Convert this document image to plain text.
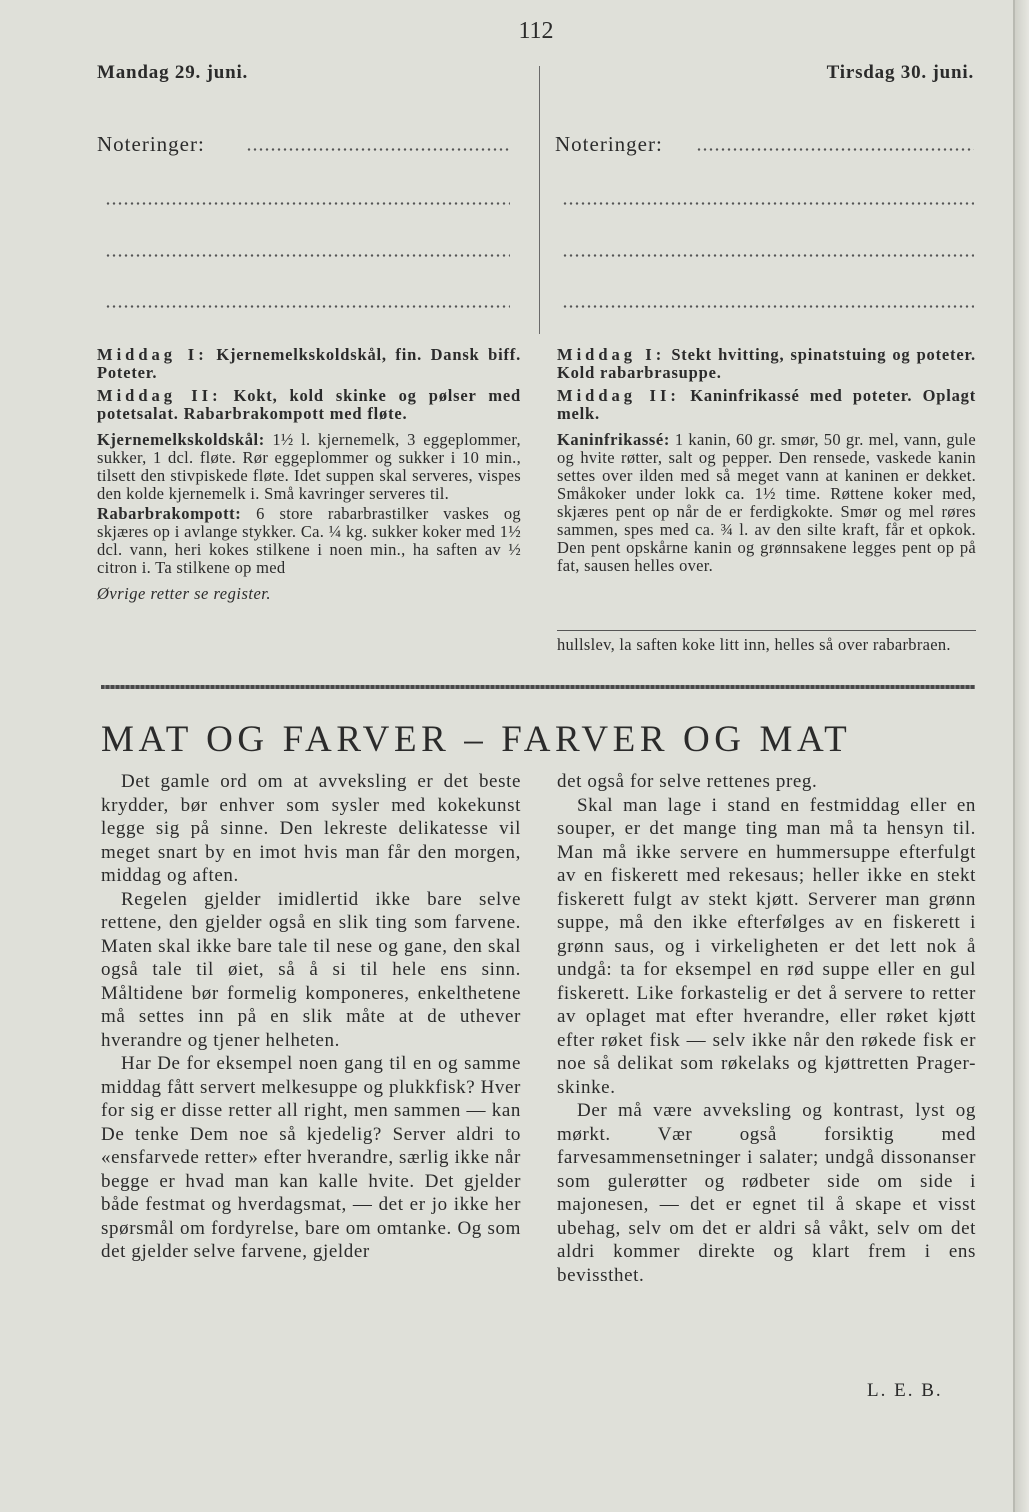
112
Mandag 29. juni.	Tirsdag 30. juni.
Noteringer:	Noteringer:

Middag I: Kjernemelkskoldskål, fin. Dansk biff. Poteter.

Middag II: Kokt, kold skinke og pølser med potetsalat. Rabarbrakompott med fløte.

Kjernemelkskoldskål: 1½ l. kjernemelk, 3 eggeplommer, sukker, 1 dcl. fløte. Rør eggeplommer og sukker i 10 min., tilsett den stivpiskede fløte. Idet suppen skal serveres, vispes den kolde kjernemelk i. Små kavringer serveres til.

Rabarbrakompott: 6 store rabarbrastilker vaskes og skjæres op i avlange stykker. Ca. ¼ kg. sukker koker med 1½ dcl. vann, heri kokes stilkene i noen min., ha saften av ½ citron i. Ta stilkene op med

Øvrige retter se register.

Middag I: Stekt hvitting, spinatstuing og poteter. Kold rabarbrasuppe.

Middag II: Kaninfrikassé med poteter. Oplagt melk.

Kaninfrikassé: 1 kanin, 60 gr. smør, 50 gr. mel, vann, gule og hvite røtter, salt og pepper. Den rensede, vaskede kanin settes over ilden med så meget vann at kaninen er dekket. Småkoker under lokk ca. 1½ time. Røttene koker med, skjæres pent op når de er ferdigkokte. Smør og mel røres sammen, spes med ca. ¾ l. av den silte kraft, får et opkok. Den pent opskårne kanin og grønnsakene legges pent op på fat, sausen helles over.

hullslev, la saften koke litt inn, helles så over rabarbraen.

MAT OG FARVER – FARVER OG MAT

Det gamle ord om at avveksling er det beste krydder, bør enhver som sysler med kokekunst legge sig på sinne. Den lekreste delikatesse vil meget snart by en imot hvis man får den morgen, middag og aften.

Regelen gjelder imidlertid ikke bare selve rettene, den gjelder også en slik ting som farvene. Maten skal ikke bare tale til nese og gane, den skal også tale til øiet, så å si til hele ens sinn. Måltidene bør formelig komponeres, enkelthetene må settes inn på en slik måte at de uthever hverandre og tjener helheten.

Har De for eksempel noen gang til en og samme middag fått servert melkesuppe og plukkfisk? Hver for sig er disse retter all right, men sammen — kan De tenke Dem noe så kjedelig? Server aldri to «ensfarvede retter» efter hverandre, særlig ikke når begge er hvad man kan kalle hvite. Det gjelder både festmat og hverdagsmat, — det er jo ikke her spørsmål om fordyrelse, bare om omtanke. Og som det gjelder selve farvene, gjelder

det også for selve rettenes preg.

Skal man lage i stand en festmiddag eller en souper, er det mange ting man må ta hensyn til. Man må ikke servere en hummersuppe efterfulgt av en fiskerett med rekesaus; heller ikke en stekt fiskerett fulgt av stekt kjøtt. Serverer man grønn suppe, må den ikke efterfølges av en fiskerett i grønn saus, og i virkeligheten er det lett nok å undgå: ta for eksempel en rød suppe eller en gul fiskerett. Like forkastelig er det å servere to retter av oplaget mat efter hverandre, eller røket kjøtt efter røket fisk — selv ikke når den røkede fisk er noe så delikat som røkelaks og kjøttretten Prager-skinke.

Der må være avveksling og kontrast, lyst og mørkt. Vær også forsiktig med farvesammensetninger i salater; undgå dissonanser som gulerøtter og rødbeter side om side i majonesen, — det er egnet til å skape et visst ubehag, selv om det er aldri så våkt, selv om det aldri kommer direkte og klart frem i ens bevissthet.

L. E. B.
